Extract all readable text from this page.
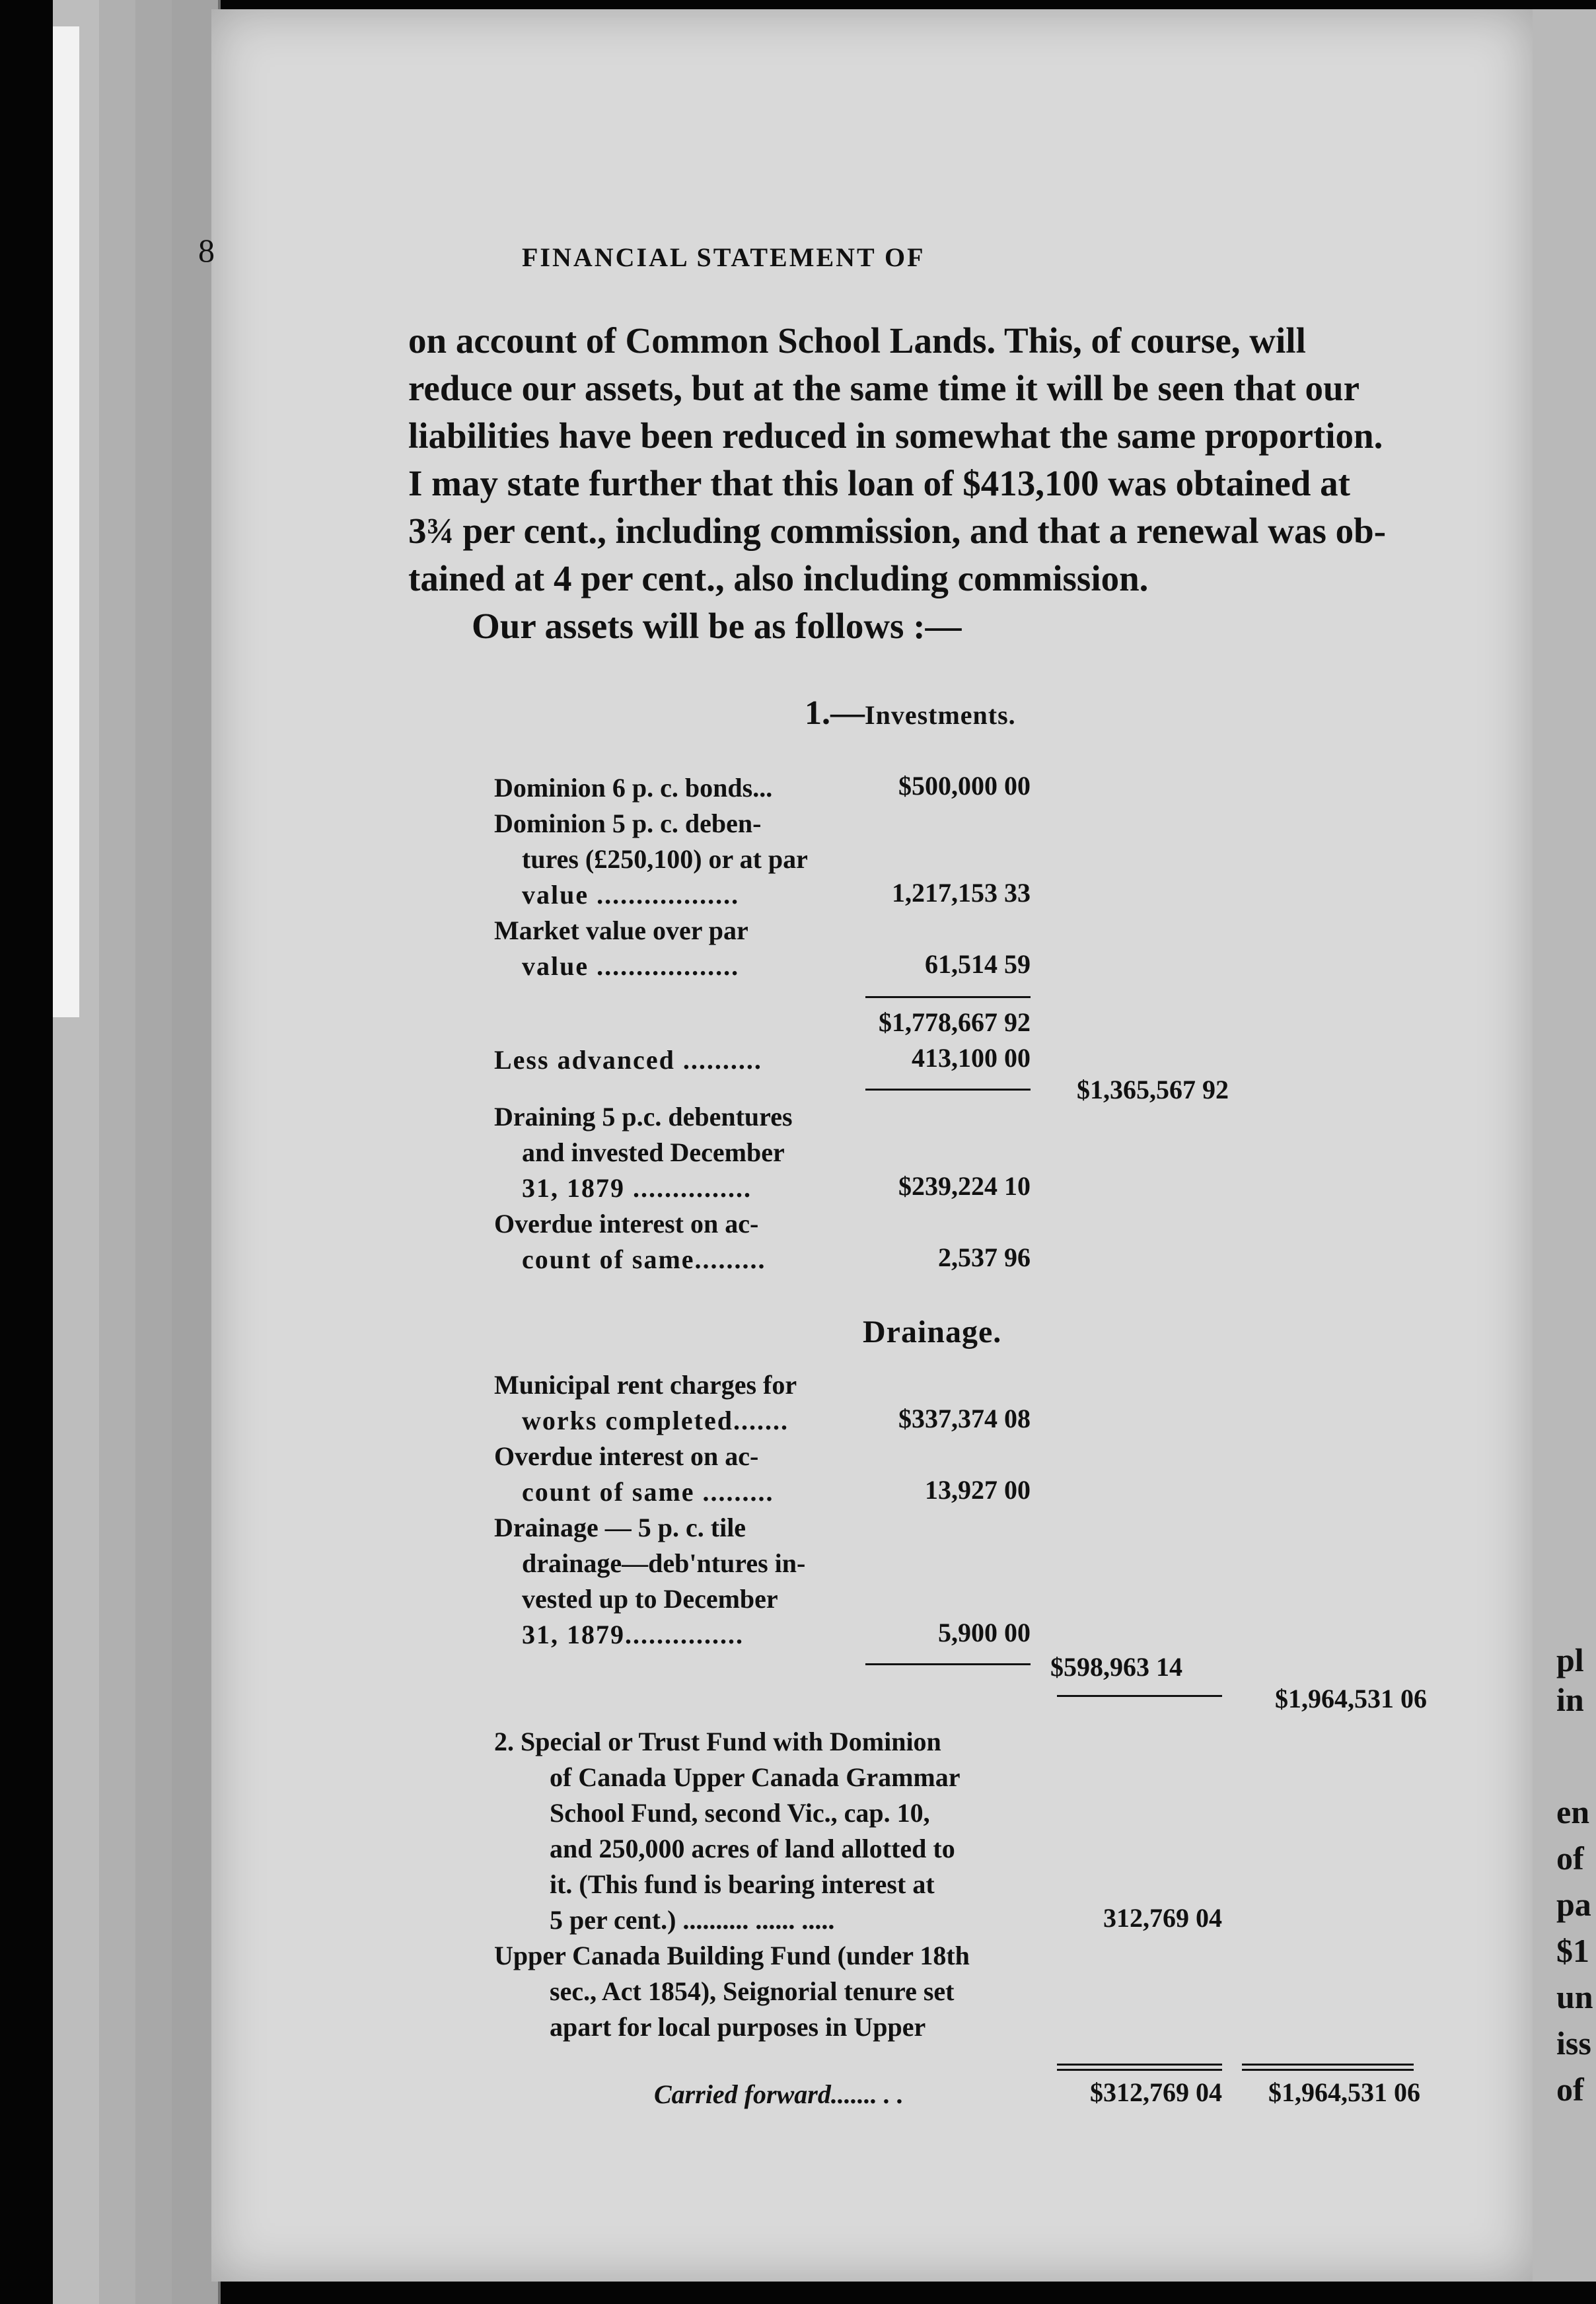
pl
in
en
of
pa
$1
un
iss
of
8	FINANCIAL STATEMENT OF
on account of Common School Lands. This, of course, will
reduce our assets, but at the same time it will be seen that our
liabilities have been reduced in somewhat the same proportion.
I may state further that this loan of $413,100 was obtained at
3¾ per cent., including commission, and that a renewal was ob-
tained at 4 per cent., also including commission.
Our assets will be as follows :—
1.—Investments.
Dominion 6 p. c. bonds...	$500,000 00
Dominion 5 p. c. deben-
tures (£250,100) or at par
value ..................	1,217,153 33
Market value over par
value ..................	61,514 59
$1,778,667 92
Less advanced ..........	413,100 00
$1,365,567 92
Draining 5 p.c. debentures
and invested December
31, 1879 ...............	$239,224 10
Overdue interest on ac-
count of same.........	2,537 96
Drainage.
Municipal rent charges for
works completed.......	$337,374 08
Overdue interest on ac-
count of same .........	13,927 00
Drainage — 5 p. c. tile
drainage—deb'ntures in-
vested up to December
31, 1879...............	5,900 00
$598,963 14
$1,964,531 06
2. Special or Trust Fund with Dominion
of Canada Upper Canada Grammar
School Fund, second Vic., cap. 10,
and 250,000 acres of land allotted to
it. (This fund is bearing interest at
5 per cent.) .......... ...... .....	312,769 04
Upper Canada Building Fund (under 18th
sec., Act 1854), Seignorial tenure set
apart for local purposes in Upper
Carried forward....... . .	$312,769 04	$1,964,531 06
